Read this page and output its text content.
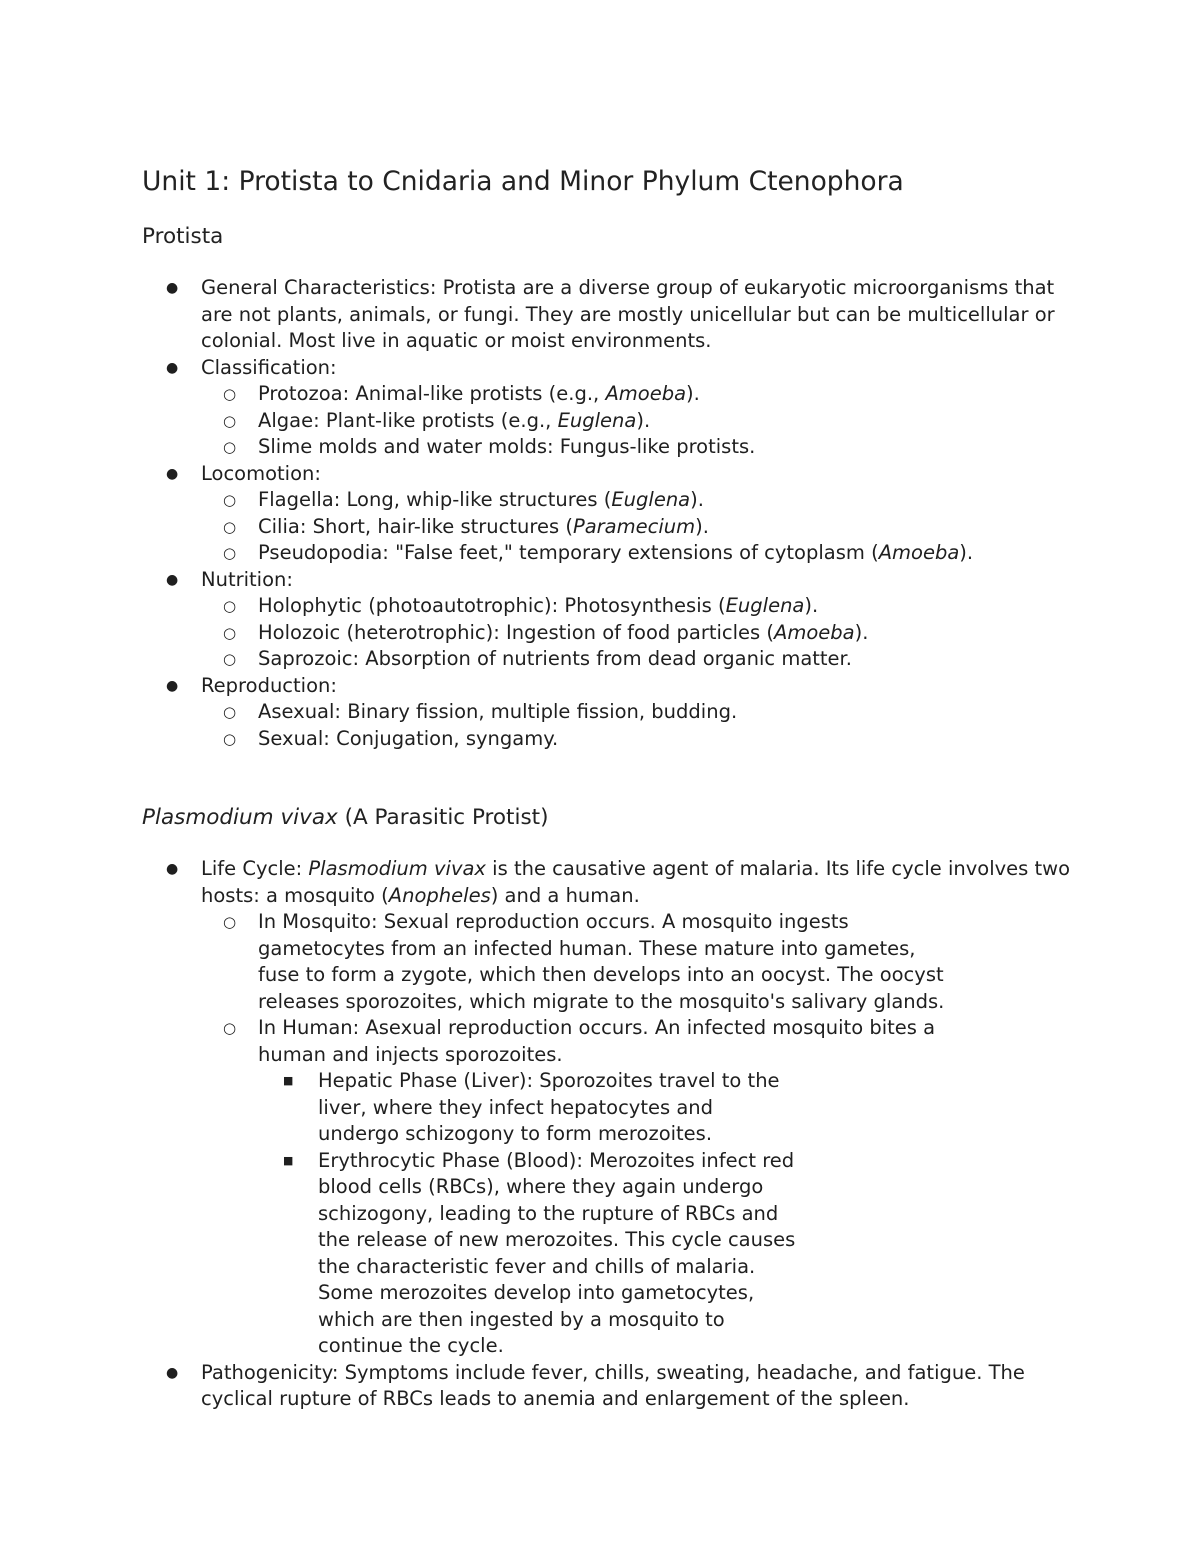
Unit 1: Protista to Cnidaria and Minor Phylum Ctenophora
Protista
● General Characteristics: Protista are a diverse group of eukaryotic microorganisms that are not plants, animals, or fungi. They are mostly unicellular but can be multicellular or colonial. Most live in aquatic or moist environments.
● Classification:
○ Protozoa: Animal-like protists (e.g., Amoeba).
○ Algae: Plant-like protists (e.g., Euglena).
○ Slime molds and water molds: Fungus-like protists.
● Locomotion:
○ Flagella: Long, whip-like structures (Euglena).
○ Cilia: Short, hair-like structures (Paramecium).
○ Pseudopodia: "False feet," temporary extensions of cytoplasm (Amoeba).
● Nutrition:
○ Holophytic (photoautotrophic): Photosynthesis (Euglena).
○ Holozoic (heterotrophic): Ingestion of food particles (Amoeba).
○ Saprozoic: Absorption of nutrients from dead organic matter.
● Reproduction:
○ Asexual: Binary fission, multiple fission, budding.
○ Sexual: Conjugation, syngamy.
Plasmodium vivax (A Parasitic Protist)
● Life Cycle: Plasmodium vivax is the causative agent of malaria. Its life cycle involves two hosts: a mosquito (Anopheles) and a human.
○ In Mosquito: Sexual reproduction occurs. A mosquito ingests gametocytes from an infected human. These mature into gametes, fuse to form a zygote, which then develops into an oocyst. The oocyst releases sporozoites, which migrate to the mosquito's salivary glands.
○ In Human: Asexual reproduction occurs. An infected mosquito bites a human and injects sporozoites.
■ Hepatic Phase (Liver): Sporozoites travel to the liver, where they infect hepatocytes and undergo schizogony to form merozoites.
■ Erythrocytic Phase (Blood): Merozoites infect red blood cells (RBCs), where they again undergo schizogony, leading to the rupture of RBCs and the release of new merozoites. This cycle causes the characteristic fever and chills of malaria. Some merozoites develop into gametocytes, which are then ingested by a mosquito to continue the cycle.
● Pathogenicity: Symptoms include fever, chills, sweating, headache, and fatigue. The cyclical rupture of RBCs leads to anemia and enlargement of the spleen.
